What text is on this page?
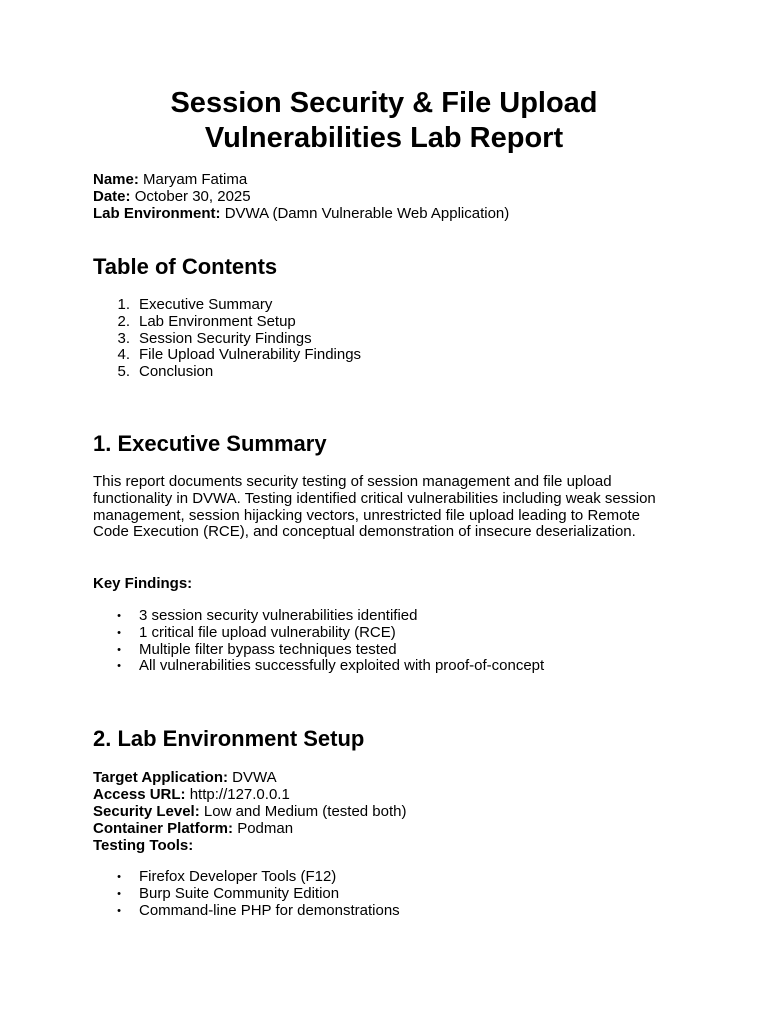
Session Security & File Upload
Vulnerabilities Lab Report
Name: Maryam Fatima
Date: October 30, 2025
Lab Environment: DVWA (Damn Vulnerable Web Application)
Table of Contents
1. Executive Summary
2. Lab Environment Setup
3. Session Security Findings
4. File Upload Vulnerability Findings
5. Conclusion
1. Executive Summary

This report documents security testing of session management and file upload functionality in DVWA. Testing identified critical vulnerabilities including weak session management, session hijacking vectors, unrestricted file upload leading to Remote Code Execution (RCE), and conceptual demonstration of insecure deserialization.

Key Findings:

• 3 session security vulnerabilities identified
• 1 critical file upload vulnerability (RCE)
• Multiple filter bypass techniques tested
• All vulnerabilities successfully exploited with proof-of-concept
2. Lab Environment Setup
Target Application: DVWA
Access URL: http://127.0.0.1
Security Level: Low and Medium (tested both)
Container Platform: Podman
Testing Tools:
• Firefox Developer Tools (F12)
• Burp Suite Community Edition
• Command-line PHP for demonstrations
